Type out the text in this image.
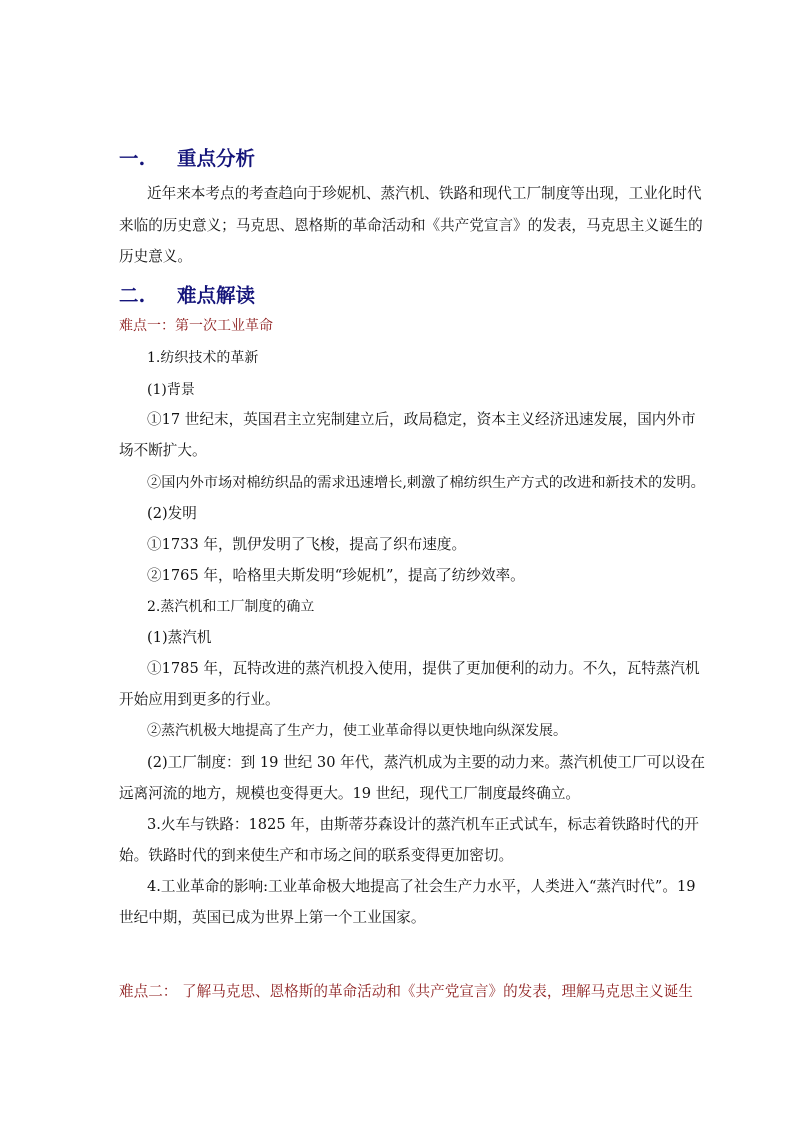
一. 重点分析
近年来本考点的考查趋向于珍妮机、蒸汽机、铁路和现代工厂制度等出现，工业化时代
来临的历史意义；马克思、恩格斯的革命活动和《共产党宣言》的发表，马克思主义诞生的
历史意义。
二. 难点解读
难点一：第一次工业革命
1.纺织技术的革新
(1)背景
①17 世纪末，英国君主立宪制建立后，政局稳定，资本主义经济迅速发展，国内外市
场不断扩大。
②国内外市场对棉纺织品的需求迅速增长,刺激了棉纺织生产方式的改进和新技术的发明。
(2)发明
①1733 年，凯伊发明了飞梭，提高了织布速度。
②1765 年，哈格里夫斯发明“珍妮机”，提高了纺纱效率。
2.蒸汽机和工厂制度的确立
(1)蒸汽机
①1785 年，瓦特改进的蒸汽机投入使用，提供了更加便利的动力。不久，瓦特蒸汽机
开始应用到更多的行业。
②蒸汽机极大地提高了生产力，使工业革命得以更快地向纵深发展。
(2)工厂制度：到 19 世纪 30 年代，蒸汽机成为主要的动力来。蒸汽机使工厂可以设在
远离河流的地方，规模也变得更大。19 世纪，现代工厂制度最终确立。
3.火车与铁路：1825 年，由斯蒂芬森设计的蒸汽机车正式试车，标志着铁路时代的开
始。铁路时代的到来使生产和市场之间的联系变得更加密切。
4.工业革命的影响:工业革命极大地提高了社会生产力水平，人类进入“蒸汽时代”。19
世纪中期，英国已成为世界上第一个工业国家。
难点二： 了解马克思、恩格斯的革命活动和《共产党宣言》的发表，理解马克思主义诞生
